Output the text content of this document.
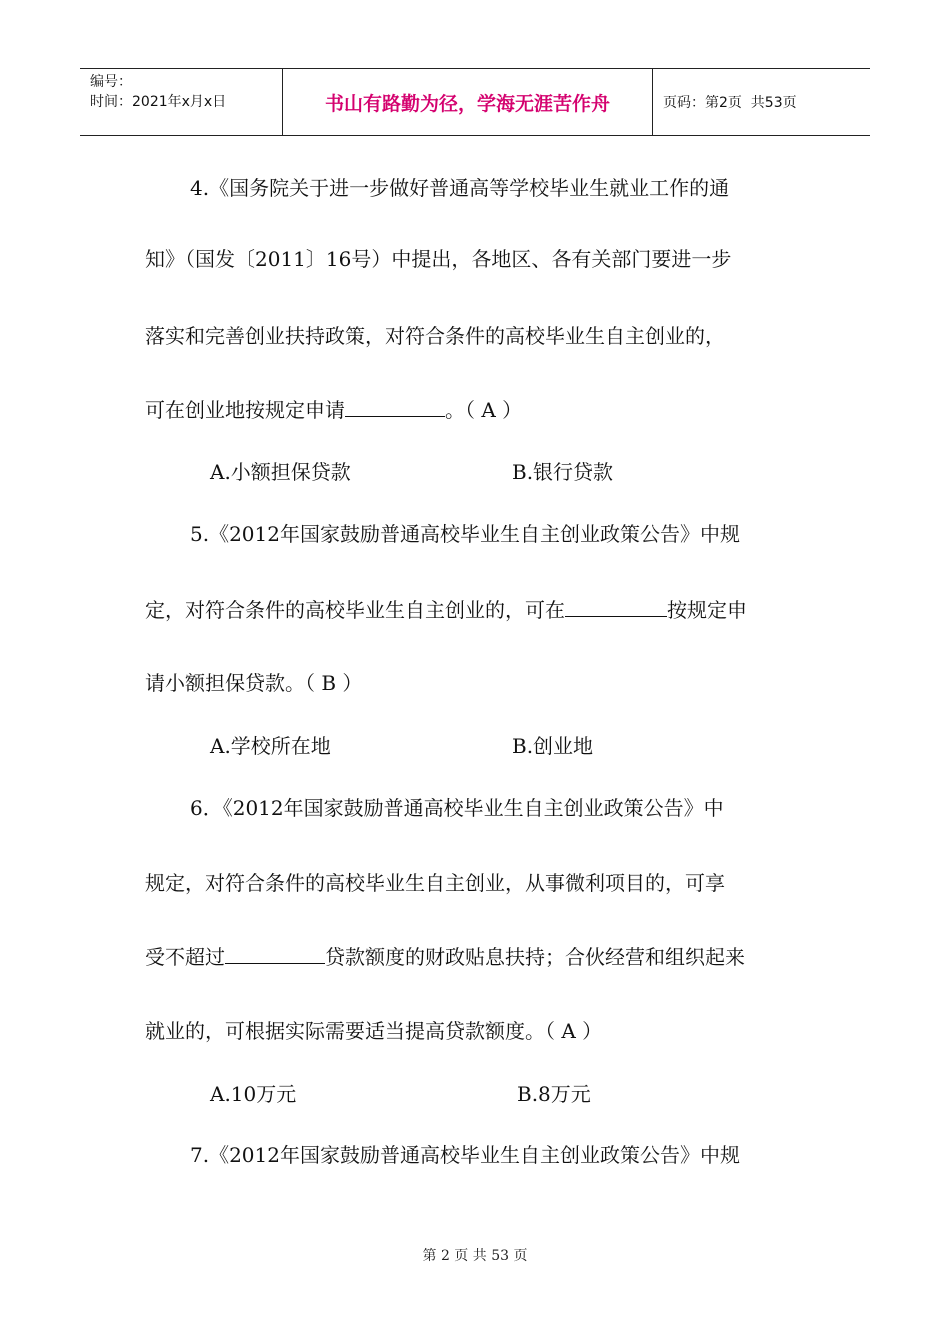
编号：
时间：2021年x月x日	书山有路勤为径，学海无涯苦作舟	页码：第2页  共53页
4.《国务院关于进一步做好普通高等学校毕业生就业工作的通
知》（国发〔2011〕16号）中提出，各地区、各有关部门要进一步
落实和完善创业扶持政策，对符合条件的高校毕业生自主创业的，
可在创业地按规定申请	。（ A ）
A.小额担保贷款	B.银行贷款
5.《2012年国家鼓励普通高校毕业生自主创业政策公告》中规
定，对符合条件的高校毕业生自主创业的，可在	按规定申
请小额担保贷款。（ B ）
A.学校所在地	B.创业地
6．《2012年国家鼓励普通高校毕业生自主创业政策公告》中
规定，对符合条件的高校毕业生自主创业，从事微利项目的，可享
受不超过	贷款额度的财政贴息扶持；合伙经营和组织起来
就业的，可根据实际需要适当提高贷款额度。（ A ）
A.10万元	B.8万元
7.《2012年国家鼓励普通高校毕业生自主创业政策公告》中规
第 2 页 共 53 页
